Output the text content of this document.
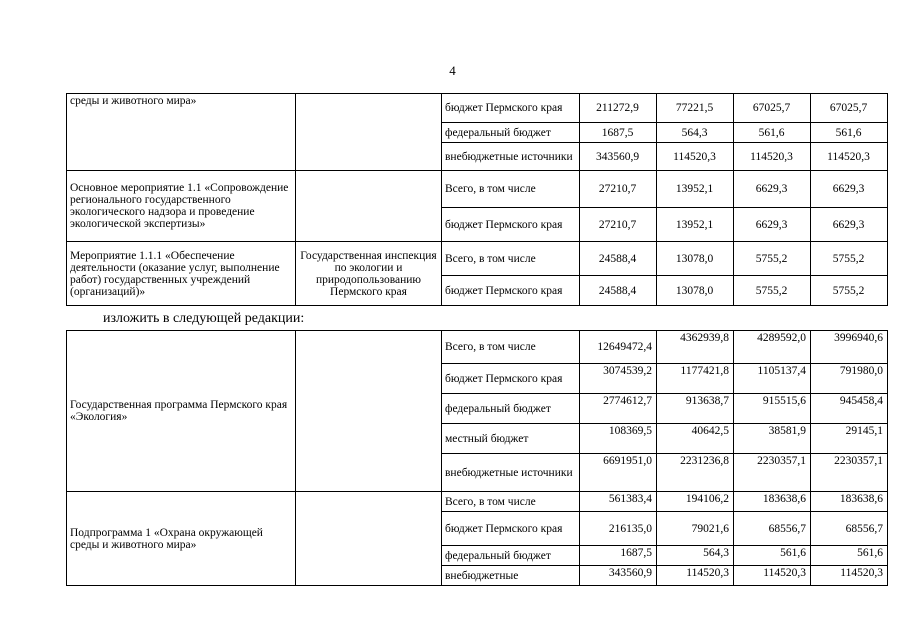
4
среды и животного мира»		бюджет Пермского края	211272,9	77221,5	67025,7	67025,7
		федеральный бюджет	1687,5	564,3	561,6	561,6
		внебюджетные источники	343560,9	114520,3	114520,3	114520,3
Основное мероприятие 1.1 «Сопровождение регионального государственного экологического надзора и проведение экологической экспертизы»		Всего, в том числе	27210,7	13952,1	6629,3	6629,3
		бюджет Пермского края	27210,7	13952,1	6629,3	6629,3
Мероприятие 1.1.1 «Обеспечение деятельности (оказание услуг, выполнение работ) государственных учреждений (организаций)»	Государственная инспекция по экологии и природопользованию Пермского края	Всего, в том числе	24588,4	13078,0	5755,2	5755,2
		бюджет Пермского края	24588,4	13078,0	5755,2	5755,2
изложить в следующей редакции:
Государственная программа Пермского края «Экология»		Всего, в том числе	12649472,4	4362939,8	4289592,0	3996940,6
		бюджет Пермского края	3074539,2	1177421,8	1105137,4	791980,0
		федеральный бюджет	2774612,7	913638,7	915515,6	945458,4
		местный бюджет	108369,5	40642,5	38581,9	29145,1
		внебюджетные источники	6691951,0	2231236,8	2230357,1	2230357,1
Подпрограмма 1 «Охрана окружающей среды и животного мира»		Всего, в том числе	561383,4	194106,2	183638,6	183638,6
		бюджет Пермского края	216135,0	79021,6	68556,7	68556,7
		федеральный бюджет	1687,5	564,3	561,6	561,6
		внебюджетные	343560,9	114520,3	114520,3	114520,3
